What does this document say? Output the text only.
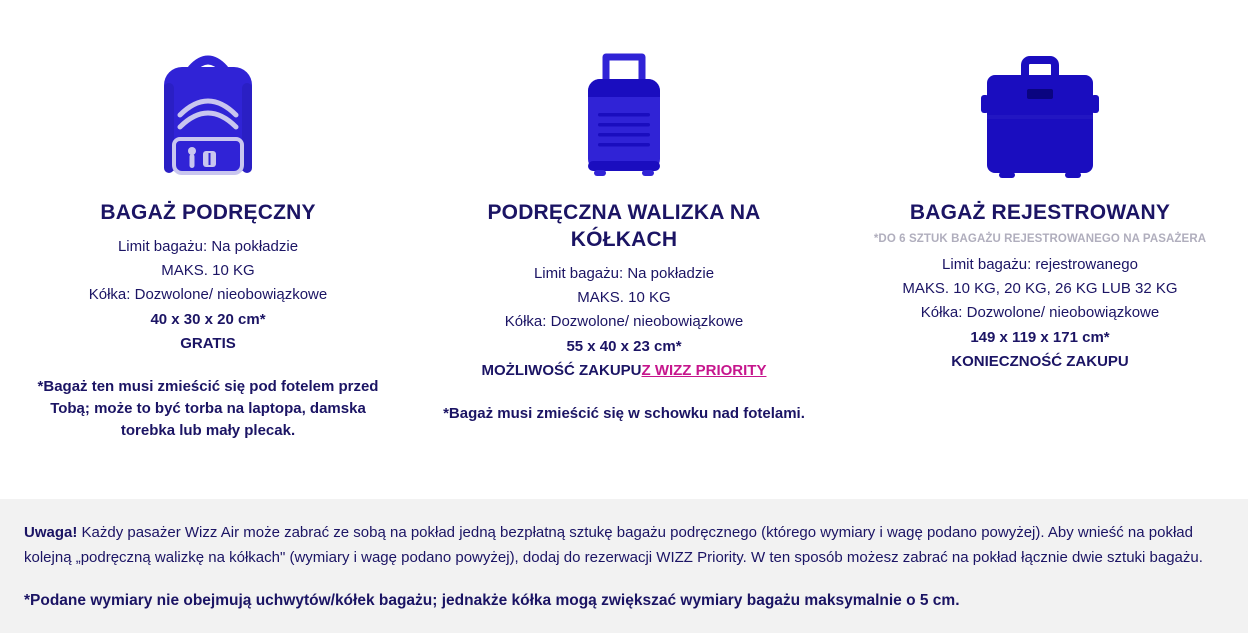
BAGAŻ PODRĘCZNY
Limit bagażu: Na pokładzie
MAKS. 10 KG
Kółka: Dozwolone/ nieobowiązkowe
40 x 30 x 20 cm*
GRATIS
*Bagaż ten musi zmieścić się pod fotelem przed Tobą; może to być torba na laptopa, damska torebka lub mały plecak.
PODRĘCZNA WALIZKA NA KÓŁKACH
Limit bagażu: Na pokładzie
MAKS. 10 KG
Kółka: Dozwolone/ nieobowiązkowe
55 x 40 x 23 cm*
MOŻLIWOŚĆ ZAKUPUZ WIZZ PRIORITY
*Bagaż musi zmieścić się w schowku nad fotelami.
BAGAŻ REJESTROWANY
*DO 6 SZTUK BAGAŻU REJESTROWANEGO NA PASAŻERA
Limit bagażu: rejestrowanego
MAKS. 10 KG, 20 KG, 26 KG LUB 32 KG
Kółka: Dozwolone/ nieobowiązkowe
149 x 119 x 171 cm*
KONIECZNOŚĆ ZAKUPU

Uwaga! Każdy pasażer Wizz Air może zabrać ze sobą na pokład jedną bezpłatną sztukę bagażu podręcznego (którego wymiary i wagę podano powyżej). Aby wnieść na pokład kolejną „podręczną walizkę na kółkach" (wymiary i wagę podano powyżej), dodaj do rezerwacji WIZZ Priority. W ten sposób możesz zabrać na pokład łącznie dwie sztuki bagażu.

*Podane wymiary nie obejmują uchwytów/kółek bagażu; jednakże kółka mogą zwiększać wymiary bagażu maksymalnie o 5 cm.
